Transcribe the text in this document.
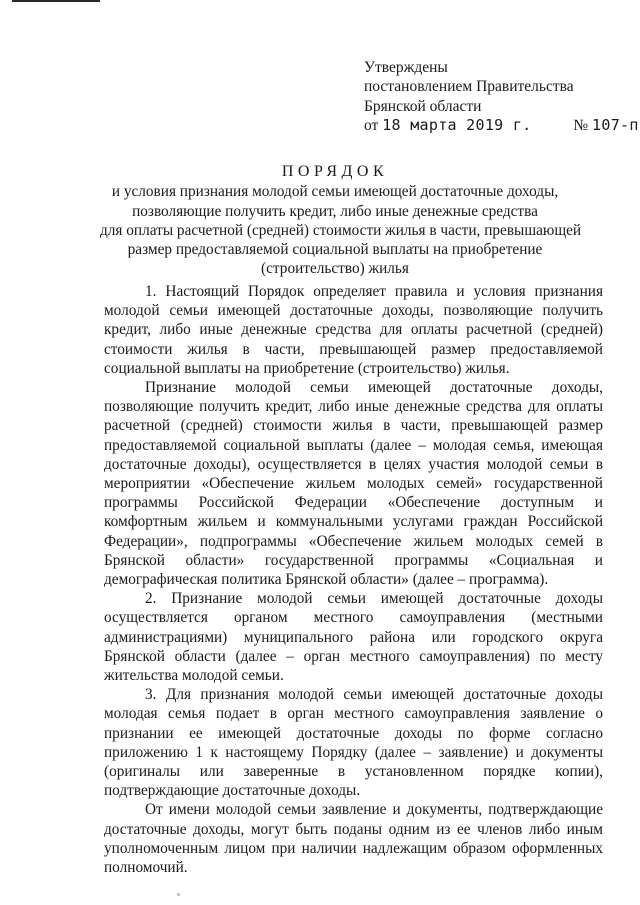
Утверждены
постановлением Правительства
Брянской области
от 18 марта 2019 г.	№ 107-п
ПОРЯДОК
и условия признания молодой семьи имеющей достаточные доходы,
позволяющие получить кредит, либо иные денежные средства
для оплаты расчетной (средней) стоимости жилья в части, превышающей
размер предоставляемой социальной выплаты на приобретение
(строительство) жилья

1. Настоящий Порядок определяет правила и условия признания молодой семьи имеющей достаточные доходы, позволяющие получить кредит, либо иные денежные средства для оплаты расчетной (средней) стоимости жилья в части, превышающей размер предоставляемой социальной выплаты на приобретение (строительство) жилья.

Признание молодой семьи имеющей достаточные доходы, позволяющие получить кредит, либо иные денежные средства для оплаты расчетной (средней) стоимости жилья в части, превышающей размер предоставляемой социальной выплаты (далее – молодая семья, имеющая достаточные доходы), осуществляется в целях участия молодой семьи в мероприятии «Обеспечение жильем молодых семей» государственной программы Российской Федерации «Обеспечение доступным и комфортным жильем и коммунальными услугами граждан Российской Федерации», подпрограммы «Обеспечение жильем молодых семей в Брянской области» государственной программы «Социальная и демографическая политика Брянской области» (далее – программа).

2. Признание молодой семьи имеющей достаточные доходы осуществляется органом местного самоуправления (местными администрациями) муниципального района или городского округа Брянской области (далее – орган местного самоуправления) по месту жительства молодой семьи.

3. Для признания молодой семьи имеющей достаточные доходы молодая семья подает в орган местного самоуправления заявление о признании ее имеющей достаточные доходы по форме согласно приложению 1 к настоящему Порядку (далее – заявление) и документы (оригиналы или заверенные в установленном порядке копии), подтверждающие достаточные доходы.

От имени молодой семьи заявление и документы, подтверждающие достаточные доходы, могут быть поданы одним из ее членов либо иным уполномоченным лицом при наличии надлежащим образом оформленных полномочий.
